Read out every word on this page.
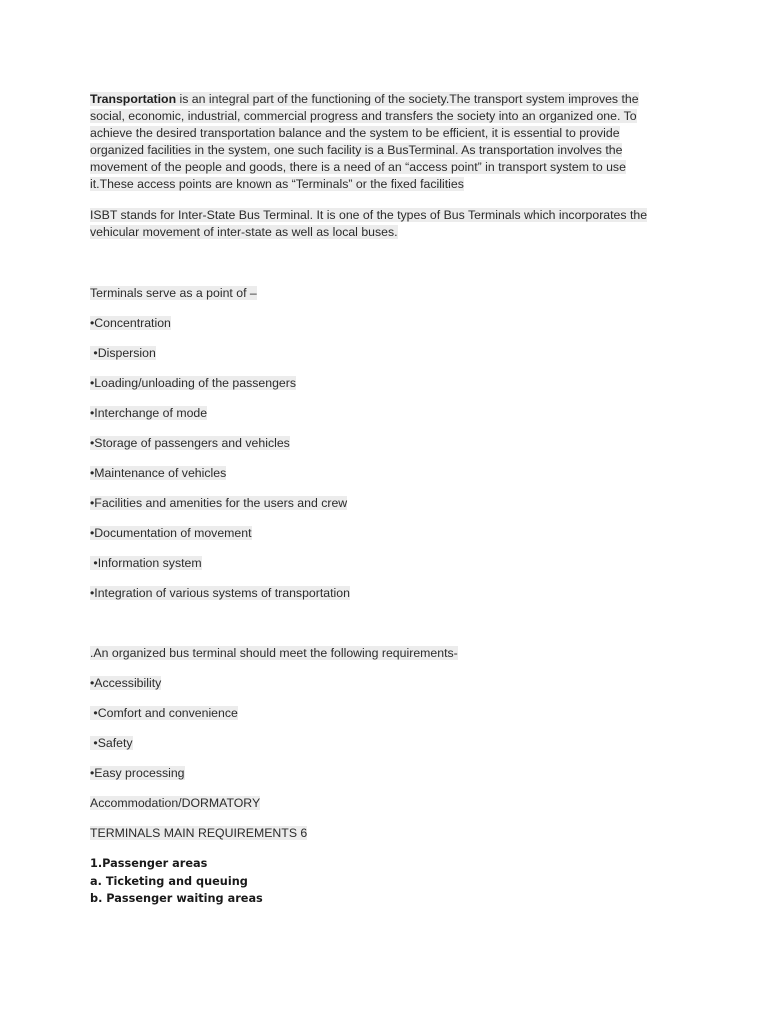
Transportation is an integral part of the functioning of the society.The transport system improves the social, economic, industrial, commercial progress and transfers the society into an organized one. To achieve the desired transportation balance and the system to be efficient, it is essential to provide organized facilities in the system, one such facility is a BusTerminal. As transportation involves the movement of the people and goods, there is a need of an “access point” in transport system to use it.These access points are known as “Terminals” or the fixed facilities

ISBT stands for Inter-State Bus Terminal. It is one of the types of Bus Terminals which incorporates the vehicular movement of inter-state as well as local buses.

Terminals serve as a point of –
•Concentration
•Dispersion
•Loading/unloading of the passengers
•Interchange of mode
•Storage of passengers and vehicles
•Maintenance of vehicles
•Facilities and amenities for the users and crew
•Documentation of movement
•Information system
•Integration of various systems of transportation
.An organized bus terminal should meet the following requirements-
•Accessibility
•Comfort and convenience
•Safety
•Easy processing
Accommodation/DORMATORY
TERMINALS MAIN REQUIREMENTS 6
1.Passenger areas
a. Ticketing and queuing
b. Passenger waiting areas
